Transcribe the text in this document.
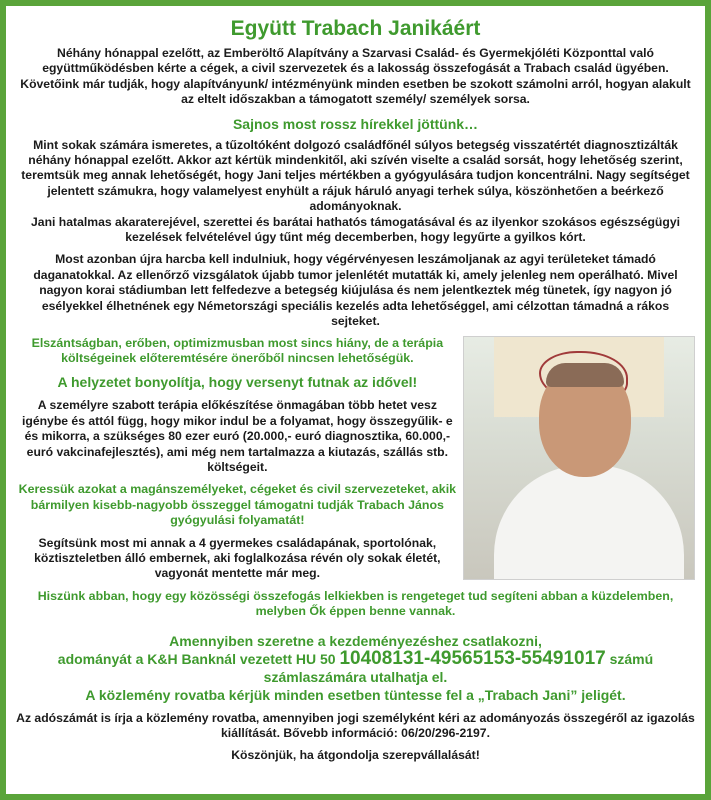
Együtt Trabach Janikáért

Néhány hónappal ezelőtt, az Emberöltő Alapítvány a Szarvasi Család- és Gyermekjóléti Központtal való együttműködésben kérte a cégek, a civil szervezetek és a lakosság összefogását a Trabach család ügyében. Követőink már tudják, hogy alapítványunk/ intézményünk minden esetben be szokott számolni arról, hogyan alakult az eltelt időszakban a támogatott személy/ személyek sorsa.

Sajnos most rossz hírekkel jöttünk…

Mint sokak számára ismeretes, a tűzoltóként dolgozó családfőnél súlyos betegség visszatértét diagnosztizálták néhány hónappal ezelőtt. Akkor azt kértük mindenkitől, aki szívén viselte a család sorsát, hogy lehetőség szerint, teremtsük meg annak lehetőségét, hogy Jani teljes mértékben a gyógyulására tudjon koncentrálni. Nagy segítséget jelentett számukra, hogy valamelyest enyhült a rájuk háruló anyagi terhek súlya, köszönhetően a beérkező adományoknak.

Jani hatalmas akaraterejével, szerettei és barátai hathatós támogatásával és az ilyenkor szokásos egészségügyi kezelések felvételével úgy tűnt még decemberben, hogy legyűrte a gyilkos kórt.

Most azonban újra harcba kell indulniuk, hogy végérvényesen leszámoljanak az agyi területeket támadó daganatokkal. Az ellenőrző vizsgálatok újabb tumor jelenlétét mutatták ki, amely jelenleg nem operálható. Mivel nagyon korai stádiumban lett felfedezve a betegség kiújulása és nem jelentkeztek még tünetek, így nagyon jó esélyekkel élhetnének egy Németországi speciális kezelés adta lehetőséggel, ami célzottan támadná a rákos sejteket.

Elszántságban, erőben, optimizmusban most sincs hiány, de a terápia költségeinek előteremtésére önerőből nincsen lehetőségük.

A helyzetet bonyolítja, hogy versenyt futnak az idővel!

A személyre szabott terápia előkészítése önmagában több hetet vesz igénybe és attól függ, hogy mikor indul be a folyamat, hogy összegyűlik- e és mikorra, a szükséges 80 ezer euró (20.000,- euró diagnosztika, 60.000,- euró vakcinafejlesztés), ami még nem tartalmazza a kiutazás, szállás stb. költségeit.

Keressük azokat a magánszemélyeket, cégeket és civil szervezeteket, akik bármilyen kisebb-nagyobb összeggel támogatni tudják Trabach János gyógyulási folyamatát!

Segítsünk most mi annak a 4 gyermekes családapának, sportolónak, köztiszteletben álló embernek, aki foglalkozása révén oly sokak életét, vagyonát mentette már meg.

Hiszünk abban, hogy egy közösségi összefogás lelkiekben is rengeteget tud segíteni abban a küzdelemben, melyben Ők éppen benne vannak.

Amennyiben szeretne a kezdeményezéshez csatlakozni,

adományát a K&H Banknál vezetett HU 50 10408131-49565153-55491017 számú

számlaszámára utalhatja el.

A közlemény rovatba kérjük minden esetben tüntesse fel a „Trabach Jani” jeligét.

Az adószámát is írja a közlemény rovatba, amennyiben jogi személyként kéri az adományozás összegéről az igazolás kiállítását. Bővebb információ: 06/20/296-2197.

Köszönjük, ha átgondolja szerepvállalását!
